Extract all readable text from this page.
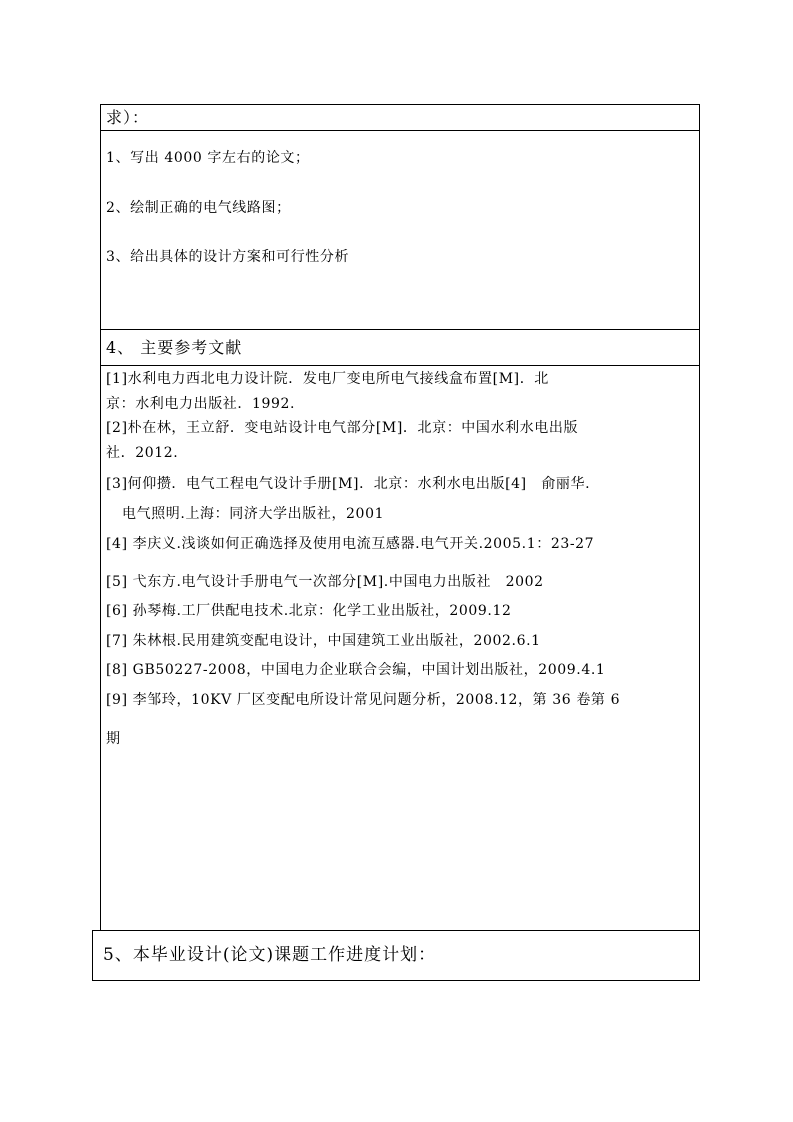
求）：
1、写出 4000 字左右的论文；
2、绘制正确的电气线路图；
3、给出具体的设计方案和可行性分析
4、 主要参考文献
[1]水利电力西北电力设计院．发电厂变电所电气接线盒布置[M]．北
京：水利电力出版社．1992.
[2]朴在林，王立舒．变电站设计电气部分[M]．北京：中国水利水电出版
社．2012.
[3]何仰攒．电气工程电气设计手册[M]．北京：水利水电出版[4]　俞丽华.
电气照明.上海：同济大学出版社，2001
[4] 李庆义.浅谈如何正确选择及使用电流互感器.电气开关.2005.1：23-27
[5] 弋东方.电气设计手册电气一次部分[M].中国电力出版社　2002
[6] 孙琴梅.工厂供配电技术.北京：化学工业出版社，2009.12
[7] 朱林根.民用建筑变配电设计，中国建筑工业出版社，2002.6.1
[8] GB50227-2008，中国电力企业联合会编，中国计划出版社，2009.4.1
[9] 李邹玲，10KV 厂区变配电所设计常见问题分析，2008.12，第 36 卷第 6
期
5、本毕业设计(论文)课题工作进度计划：
